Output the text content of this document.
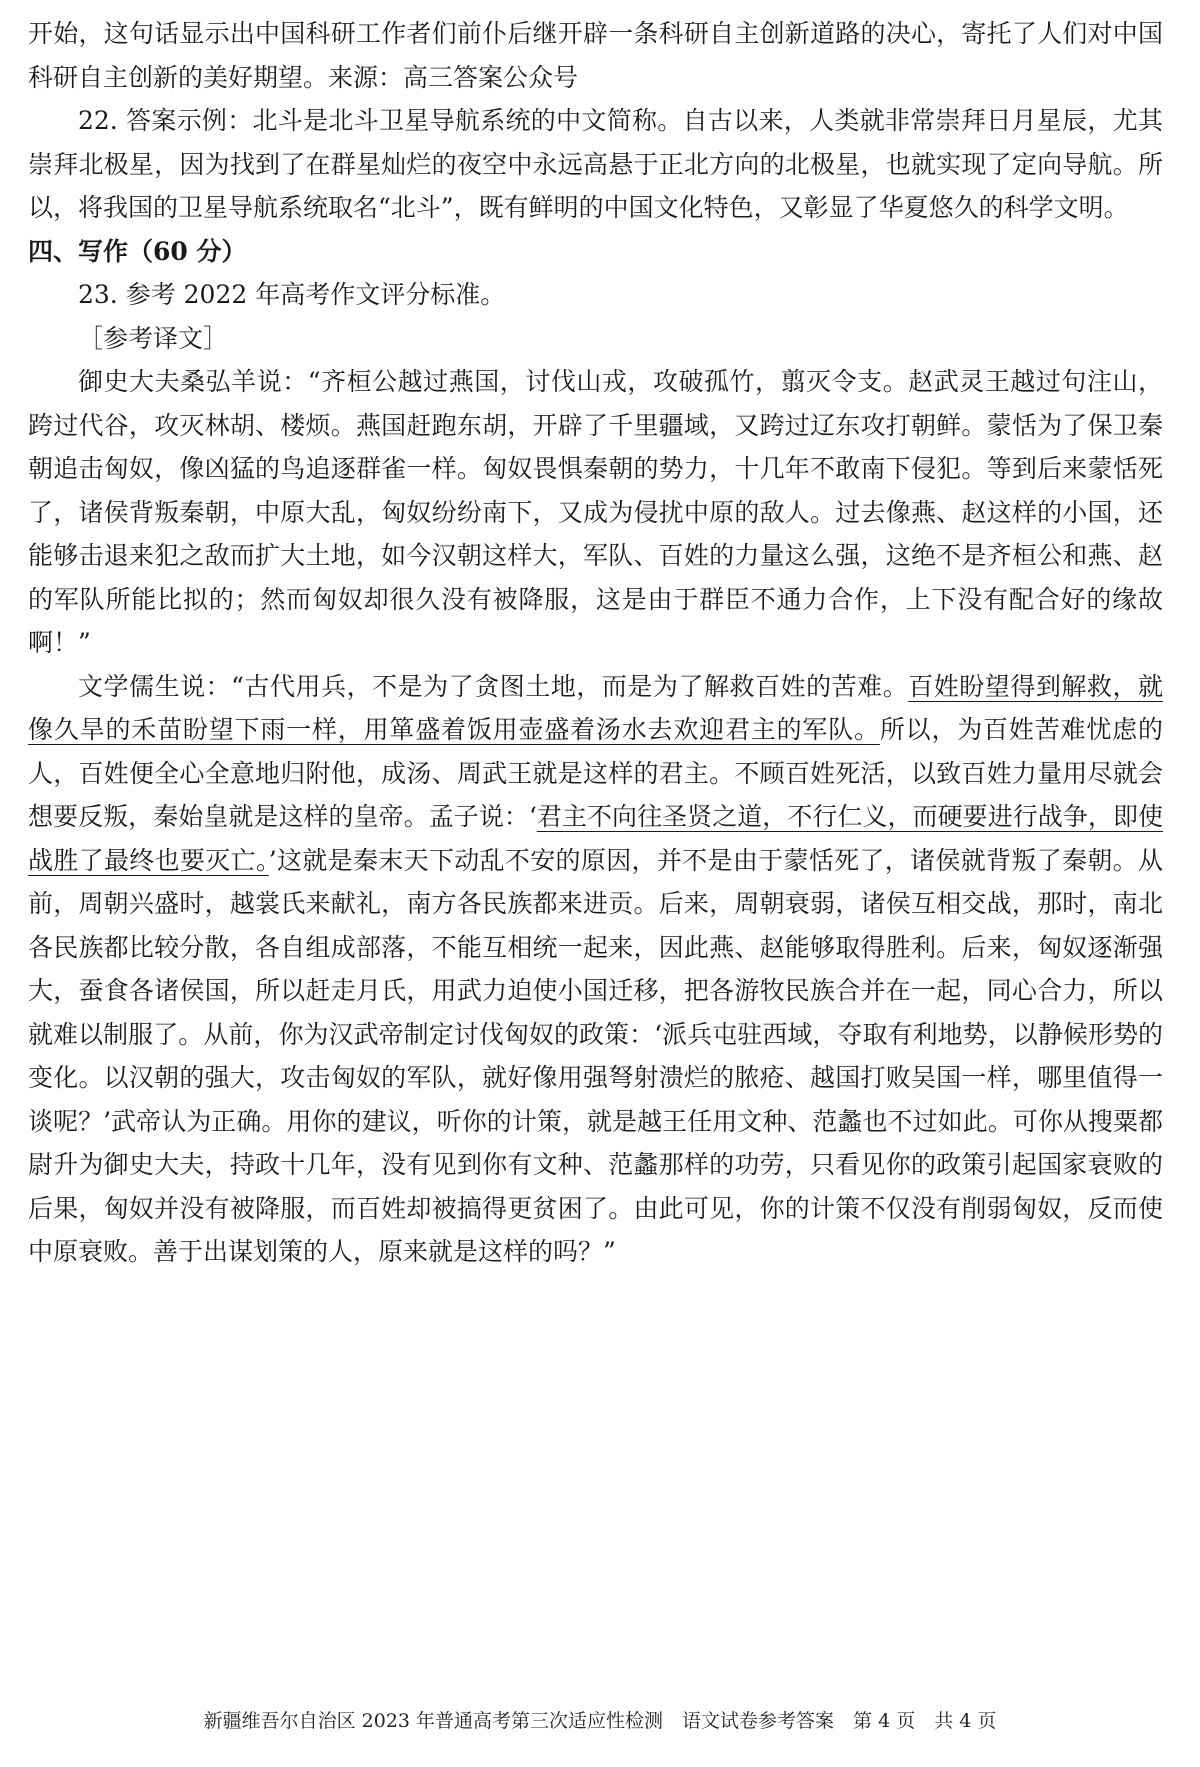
开始，这句话显示出中国科研工作者们前仆后继开辟一条科研自主创新道路的决心，寄托了人们对中国科研自主创新的美好期望。来源：高三答案公众号

22. 答案示例：北斗是北斗卫星导航系统的中文简称。自古以来，人类就非常崇拜日月星辰，尤其崇拜北极星，因为找到了在群星灿烂的夜空中永远高悬于正北方向的北极星，也就实现了定向导航。所以，将我国的卫星导航系统取名“北斗”，既有鲜明的中国文化特色，又彰显了华夏悠久的科学文明。

四、写作（60 分）

23. 参考 2022 年高考作文评分标准。

［参考译文］

御史大夫桑弘羊说：“齐桓公越过燕国，讨伐山戎，攻破孤竹，翦灭令支。赵武灵王越过句注山，跨过代谷，攻灭林胡、楼烦。燕国赶跑东胡，开辟了千里疆域，又跨过辽东攻打朝鲜。蒙恬为了保卫秦朝追击匈奴，像凶猛的鸟追逐群雀一样。匈奴畏惧秦朝的势力，十几年不敢南下侵犯。等到后来蒙恬死了，诸侯背叛秦朝，中原大乱，匈奴纷纷南下，又成为侵扰中原的敌人。过去像燕、赵这样的小国，还能够击退来犯之敌而扩大土地，如今汉朝这样大，军队、百姓的力量这么强，这绝不是齐桓公和燕、赵的军队所能比拟的；然而匈奴却很久没有被降服，这是由于群臣不通力合作，上下没有配合好的缘故啊！”

文学儒生说：“古代用兵，不是为了贪图土地，而是为了解救百姓的苦难。百姓盼望得到解救，就像久旱的禾苗盼望下雨一样，用箪盛着饭用壶盛着汤水去欢迎君主的军队。所以，为百姓苦难忧虑的人，百姓便全心全意地归附他，成汤、周武王就是这样的君主。不顾百姓死活，以致百姓力量用尽就会想要反叛，秦始皇就是这样的皇帝。孟子说：‘君主不向往圣贤之道，不行仁义，而硬要进行战争，即使战胜了最终也要灭亡。’这就是秦末天下动乱不安的原因，并不是由于蒙恬死了，诸侯就背叛了秦朝。从前，周朝兴盛时，越裳氏来献礼，南方各民族都来进贡。后来，周朝衰弱，诸侯互相交战，那时，南北各民族都比较分散，各自组成部落，不能互相统一起来，因此燕、赵能够取得胜利。后来，匈奴逐渐强大，蚕食各诸侯国，所以赶走月氏，用武力迫使小国迁移，把各游牧民族合并在一起，同心合力，所以就难以制服了。从前，你为汉武帝制定讨伐匈奴的政策：‘派兵屯驻西域，夺取有利地势，以静候形势的变化。以汉朝的强大，攻击匈奴的军队，就好像用强弩射溃烂的脓疮、越国打败吴国一样，哪里值得一谈呢？’武帝认为正确。用你的建议，听你的计策，就是越王任用文种、范蠡也不过如此。可你从搜粟都尉升为御史大夫，持政十几年，没有见到你有文种、范蠡那样的功劳，只看见你的政策引起国家衰败的后果，匈奴并没有被降服，而百姓却被搞得更贫困了。由此可见，你的计策不仅没有削弱匈奴，反而使中原衰败。善于出谋划策的人，原来就是这样的吗？”

新疆维吾尔自治区 2023 年普通高考第三次适应性检测　语文试卷参考答案　第 4 页　共 4 页
